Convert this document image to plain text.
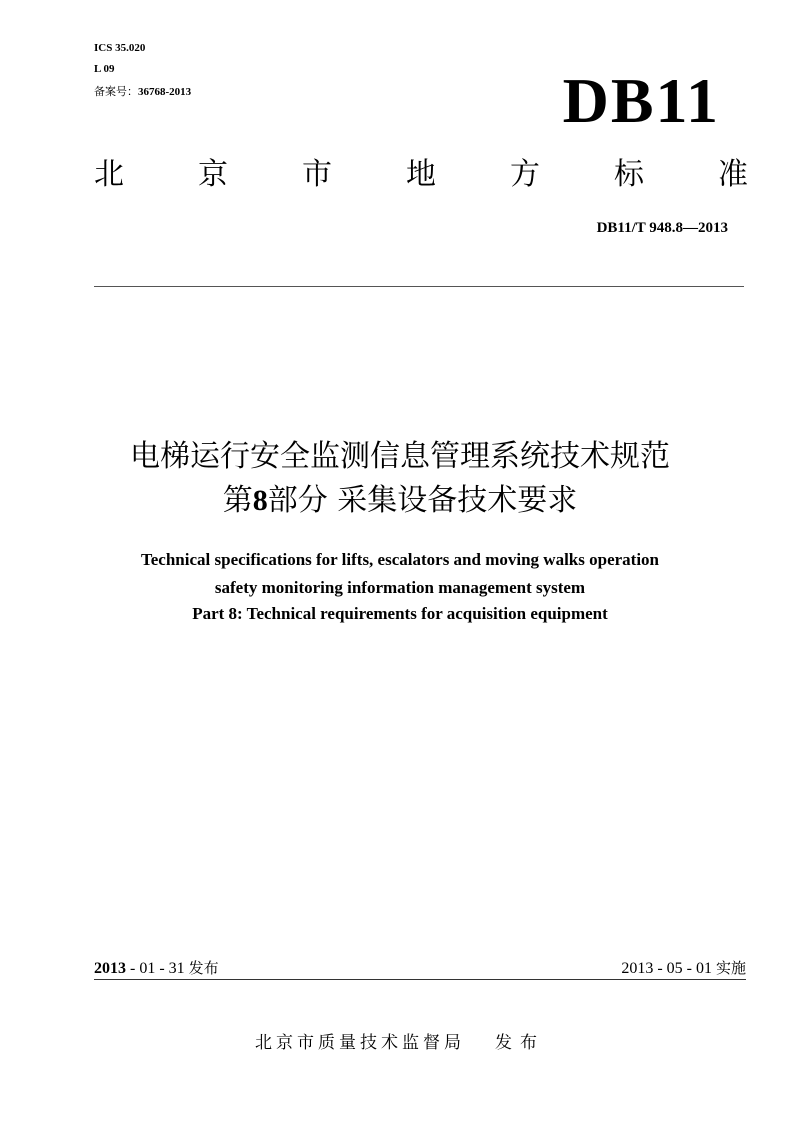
ICS 35.020
L 09
备案号：36768-2013	DB11
北 京 市 地 方 标 准
DB11/T 948.8—2013
电梯运行安全监测信息管理系统技术规范
第8部分 采集设备技术要求
Technical specifications for lifts, escalators and moving walks operation
safety monitoring information management system
Part 8: Technical requirements for acquisition equipment
2013 - 01 - 31 发布	2013 - 05 - 01 实施
北京市质量技术监督局 发布
